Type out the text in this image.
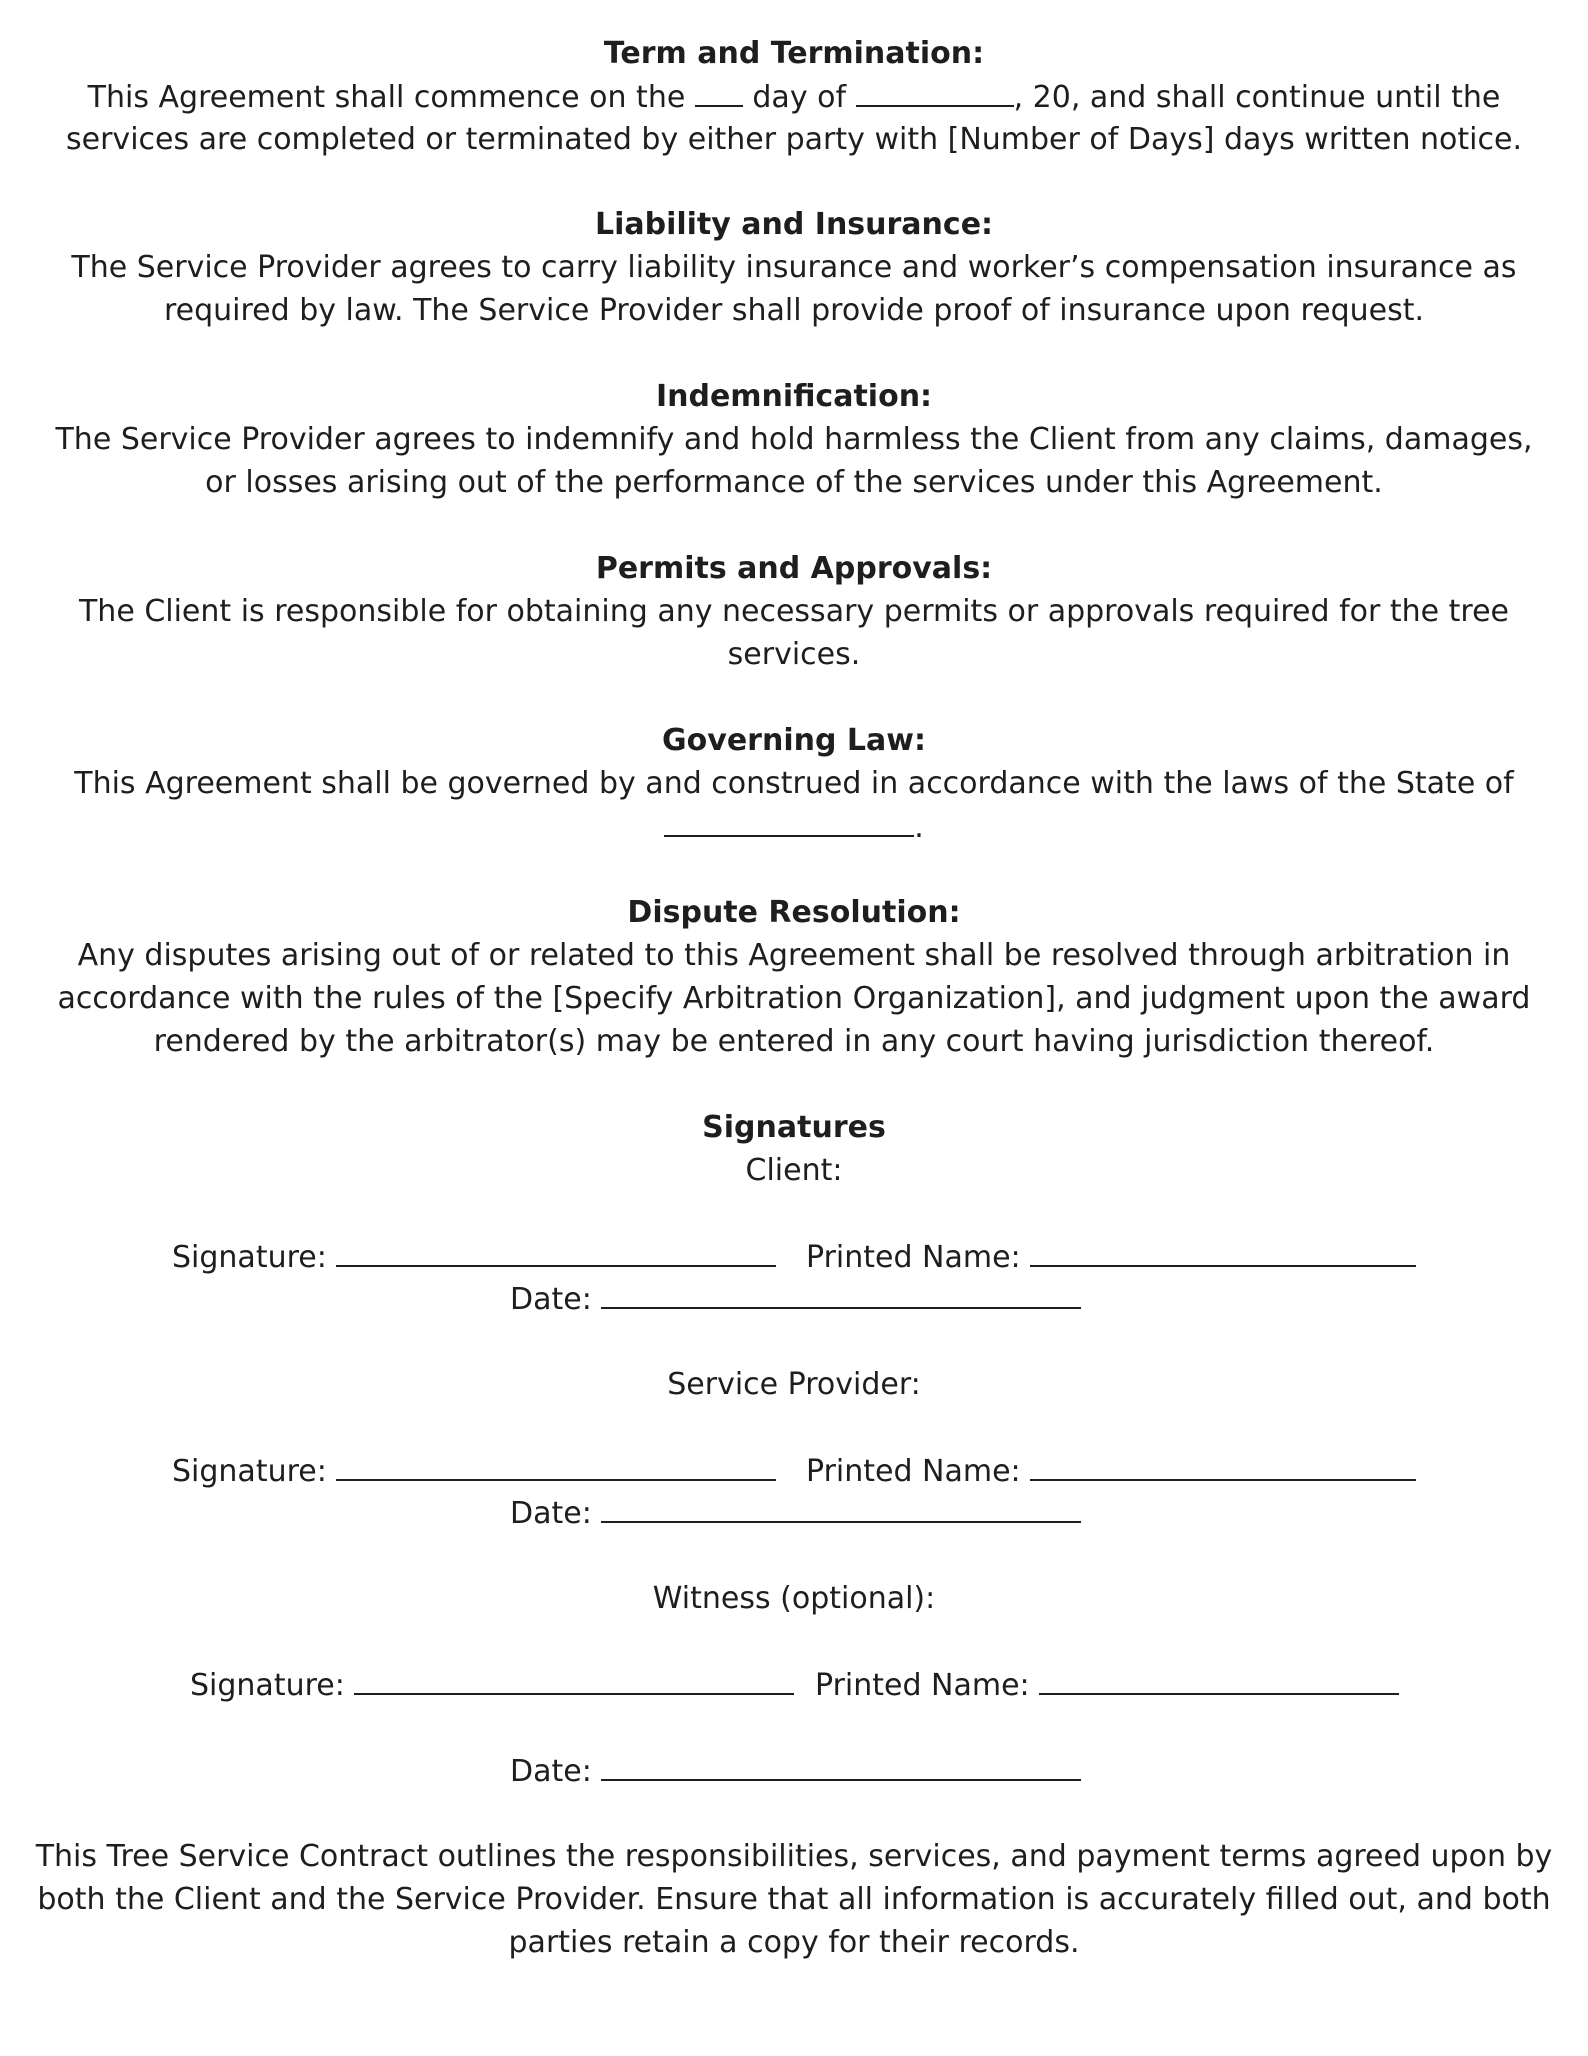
Term and Termination:
This Agreement shall commence on the day of	, 20, and shall continue until the
services are completed or terminated by either party with [Number of Days] days written notice.
Liability and Insurance:
The Service Provider agrees to carry liability insurance and worker’s compensation insurance as required by law. The Service Provider shall provide proof of insurance upon request.
Indemnification:
The Service Provider agrees to indemnify and hold harmless the Client from any claims, damages, or losses arising out of the performance of the services under this Agreement.
Permits and Approvals:
The Client is responsible for obtaining any necessary permits or approvals required for the tree services.
Governing Law:
This Agreement shall be governed by and construed in accordance with the laws of the State of
.
Dispute Resolution:
Any disputes arising out of or related to this Agreement shall be resolved through arbitration in accordance with the rules of the [Specify Arbitration Organization], and judgment upon the award rendered by the arbitrator(s) may be entered in any court having jurisdiction thereof.
Signatures
Client:
Signature:	Printed Name:
Date:
Service Provider:
Signature:	Printed Name:
Date:
Witness (optional):
Signature:	Printed Name:
Date:
This Tree Service Contract outlines the responsibilities, services, and payment terms agreed upon by both the Client and the Service Provider. Ensure that all information is accurately filled out, and both parties retain a copy for their records.
